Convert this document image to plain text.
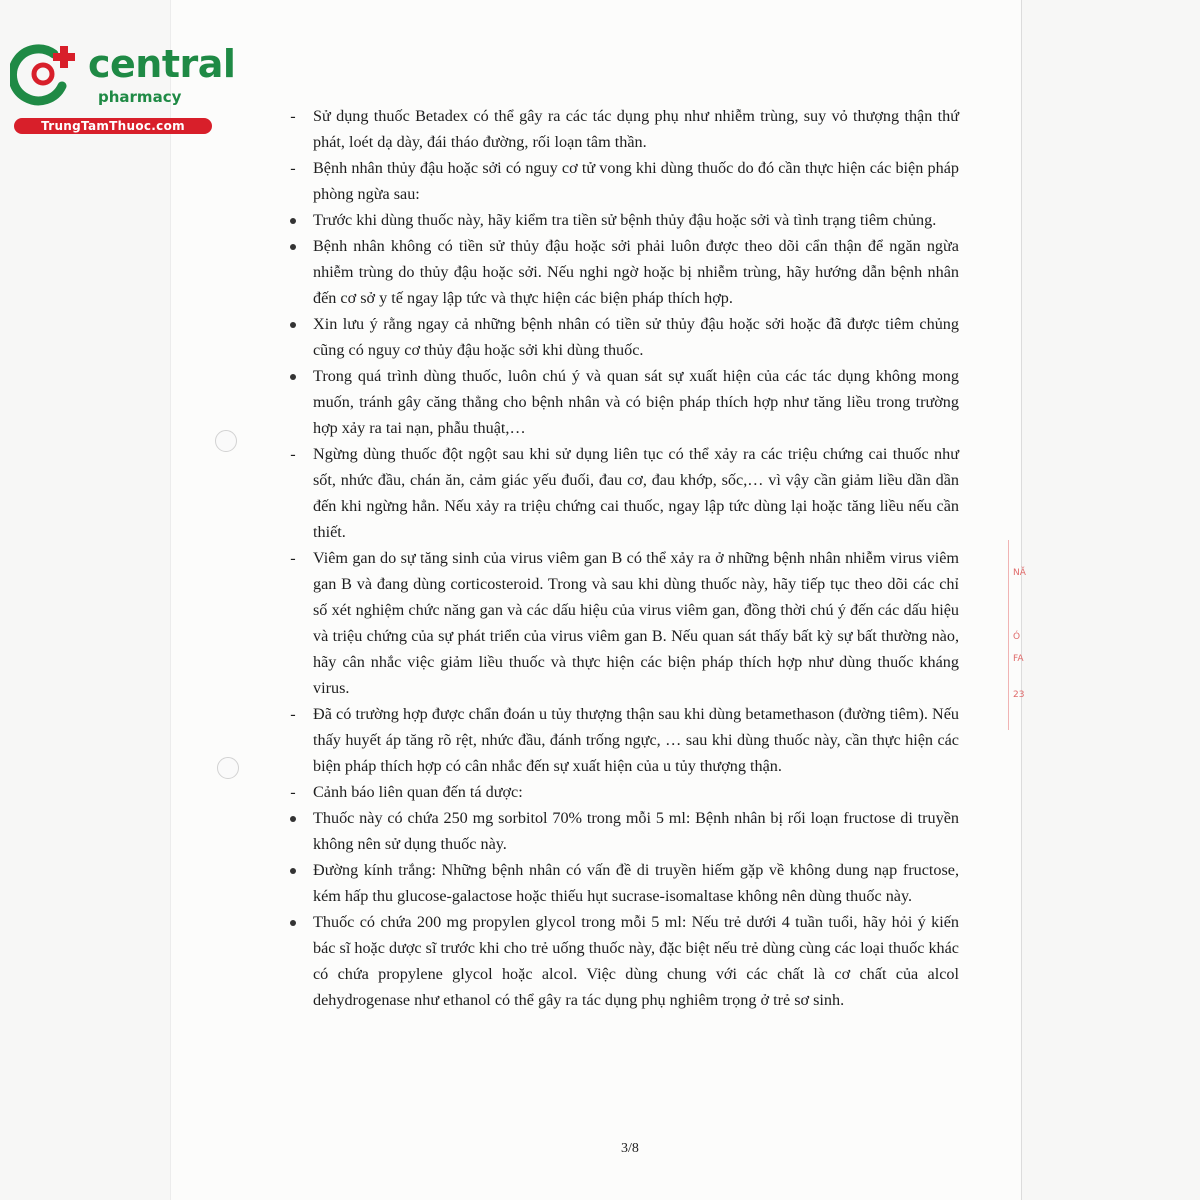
central
pharmacy
TrungTamThuoc.com
NĂ
Ó
FA
23

-	Sử dụng thuốc Betadex có thể gây ra các tác dụng phụ như nhiễm trùng, suy vỏ thượng thận thứ phát, loét dạ dày, đái tháo đường, rối loạn tâm thần.

-	Bệnh nhân thủy đậu hoặc sởi có nguy cơ tử vong khi dùng thuốc do đó cần thực hiện các biện pháp phòng ngừa sau:

Trước khi dùng thuốc này, hãy kiểm tra tiền sử bệnh thủy đậu hoặc sởi và tình trạng tiêm chủng.

Bệnh nhân không có tiền sử thủy đậu hoặc sởi phải luôn được theo dõi cẩn thận để ngăn ngừa nhiễm trùng do thủy đậu hoặc sởi. Nếu nghi ngờ hoặc bị nhiễm trùng, hãy hướng dẫn bệnh nhân đến cơ sở y tế ngay lập tức và thực hiện các biện pháp thích hợp.

Xin lưu ý rằng ngay cả những bệnh nhân có tiền sử thủy đậu hoặc sởi hoặc đã được tiêm chủng cũng có nguy cơ thủy đậu hoặc sởi khi dùng thuốc.

Trong quá trình dùng thuốc, luôn chú ý và quan sát sự xuất hiện của các tác dụng không mong muốn, tránh gây căng thẳng cho bệnh nhân và có biện pháp thích hợp như tăng liều trong trường hợp xảy ra tai nạn, phẫu thuật,…

-	Ngừng dùng thuốc đột ngột sau khi sử dụng liên tục có thể xảy ra các triệu chứng cai thuốc như sốt, nhức đầu, chán ăn, cảm giác yếu đuối, đau cơ, đau khớp, sốc,… vì vậy cần giảm liều dần dần đến khi ngừng hẳn. Nếu xảy ra triệu chứng cai thuốc, ngay lập tức dùng lại hoặc tăng liều nếu cần thiết.

-	Viêm gan do sự tăng sinh của virus viêm gan B có thể xảy ra ở những bệnh nhân nhiễm virus viêm gan B và đang dùng corticosteroid. Trong và sau khi dùng thuốc này, hãy tiếp tục theo dõi các chỉ số xét nghiệm chức năng gan và các dấu hiệu của virus viêm gan, đồng thời chú ý đến các dấu hiệu và triệu chứng của sự phát triển của virus viêm gan B. Nếu quan sát thấy bất kỳ sự bất thường nào, hãy cân nhắc việc giảm liều thuốc và thực hiện các biện pháp thích hợp như dùng thuốc kháng virus.

-	Đã có trường hợp được chẩn đoán u tủy thượng thận sau khi dùng betamethason (đường tiêm). Nếu thấy huyết áp tăng rõ rệt, nhức đầu, đánh trống ngực, … sau khi dùng thuốc này, cần thực hiện các biện pháp thích hợp có cân nhắc đến sự xuất hiện của u tủy thượng thận.

-	Cảnh báo liên quan đến tá dược:

Thuốc này có chứa 250 mg sorbitol 70% trong mỗi 5 ml: Bệnh nhân bị rối loạn fructose di truyền không nên sử dụng thuốc này.

Đường kính trắng: Những bệnh nhân có vấn đề di truyền hiếm gặp về không dung nạp fructose, kém hấp thu glucose-galactose hoặc thiếu hụt sucrase-isomaltase không nên dùng thuốc này.

Thuốc có chứa 200 mg propylen glycol trong mỗi 5 ml: Nếu trẻ dưới 4 tuần tuổi, hãy hỏi ý kiến bác sĩ hoặc dược sĩ trước khi cho trẻ uống thuốc này, đặc biệt nếu trẻ dùng cùng các loại thuốc khác có chứa propylene glycol hoặc alcol. Việc dùng chung với các chất là cơ chất của alcol dehydrogenase như ethanol có thể gây ra tác dụng phụ nghiêm trọng ở trẻ sơ sinh.

3/8
